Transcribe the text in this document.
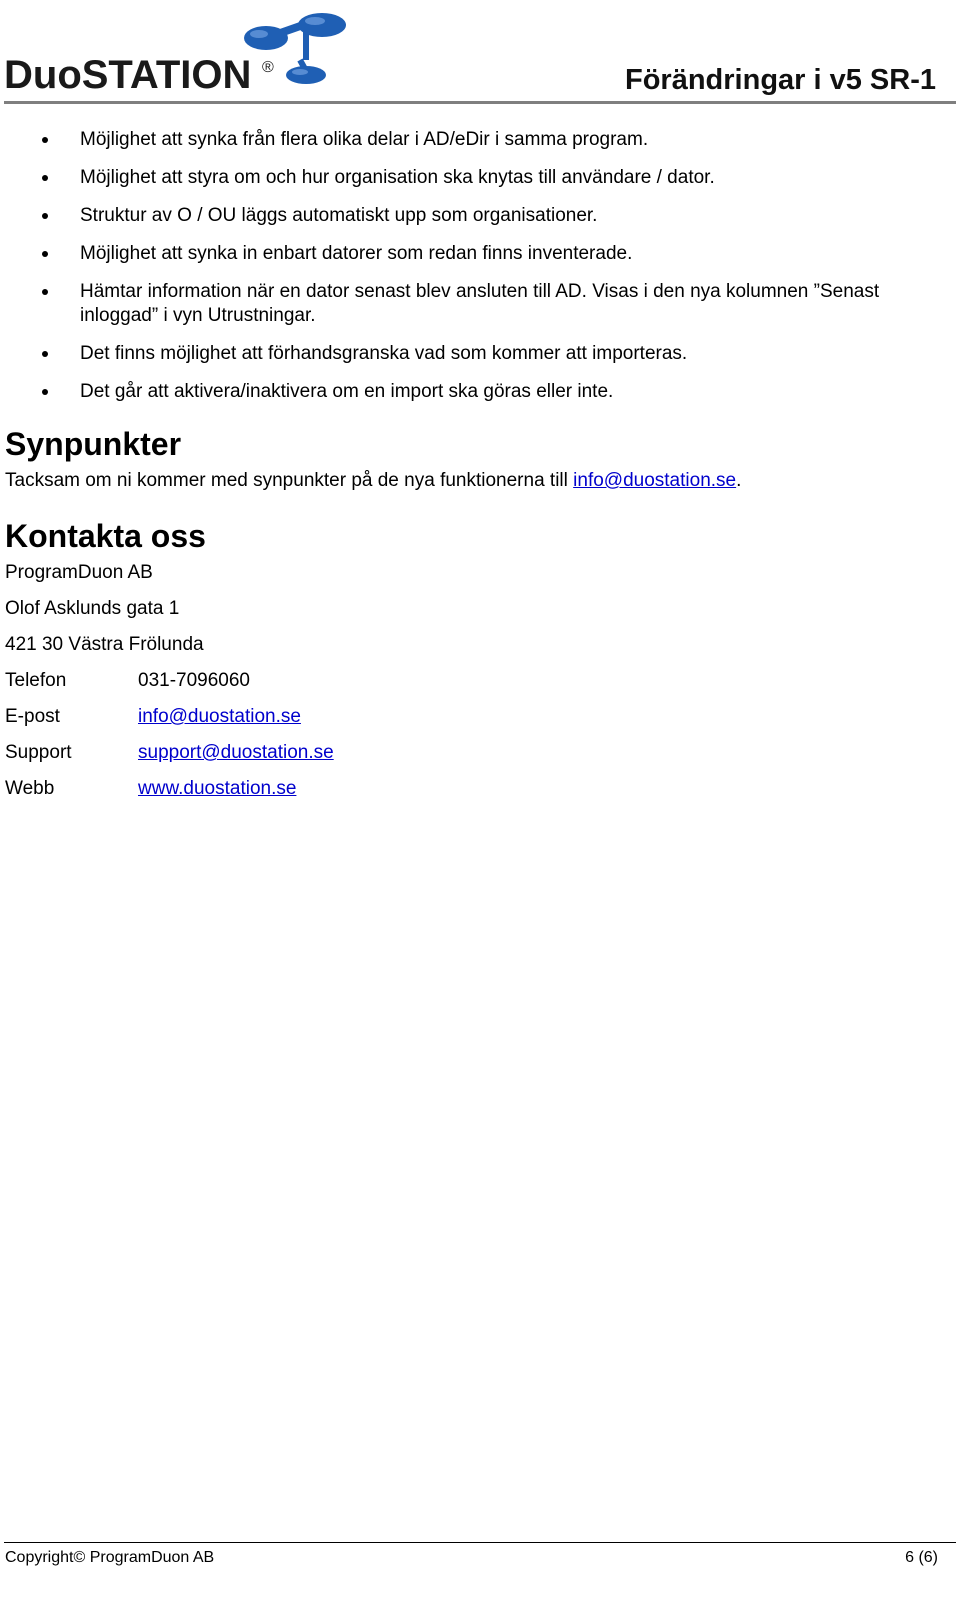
DuoSTATION ®	Förändringar i v5 SR-1
Möjlighet att synka från flera olika delar i AD/eDir i samma program.
Möjlighet att styra om och hur organisation ska knytas till användare / dator.
Struktur av O / OU läggs automatiskt upp som organisationer.
Möjlighet att synka in enbart datorer som redan finns inventerade.
Hämtar information när en dator senast blev ansluten till AD. Visas i den nya kolumnen ”Senast inloggad” i vyn Utrustningar.
Det finns möjlighet att förhandsgranska vad som kommer att importeras.
Det går att aktivera/inaktivera om en import ska göras eller inte.
Synpunkter

Tacksam om ni kommer med synpunkter på de nya funktionerna till info@duostation.se.

Kontakta oss
ProgramDuon AB
Olof Asklunds gata 1
421 30 Västra Frölunda
Telefon	031-7096060
E-post	info@duostation.se
Support	support@duostation.se
Webb	www.duostation.se
Copyright© ProgramDuon AB	6 (6)
